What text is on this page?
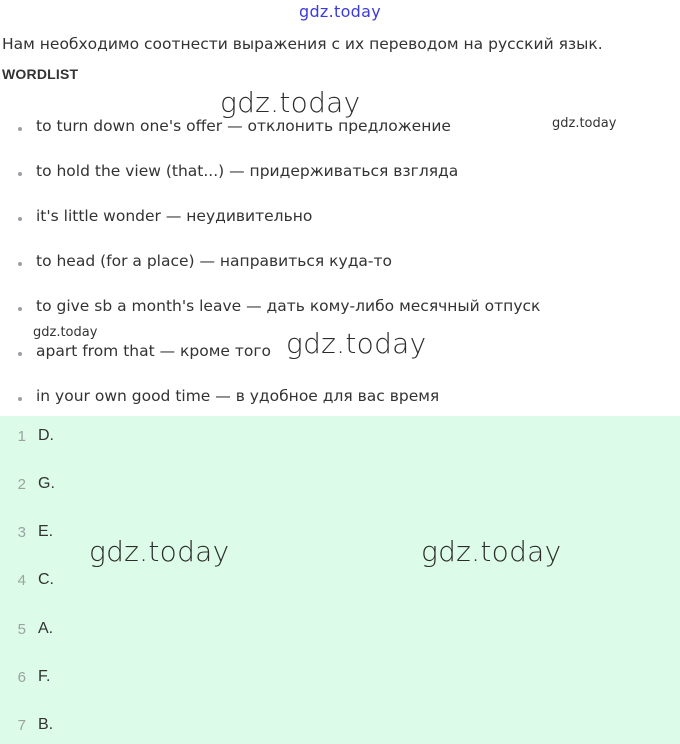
gdz.today
Нам необходимо соотнести выражения с их переводом на русский язык.
WORDLIST
to turn down one's offer — отклонить предложение
to hold the view (that...) — придерживаться взгляда
it's little wonder — неудивительно
to head (for a place) — направиться куда-то
to give sb a month's leave — дать кому-либо месячный отпуск
apart from that — кроме того
in your own good time — в удобное для вас время
1 D.
2 G.
3 E.
4 C.
5 A.
6 F.
7 B.
gdz.today
gdz.today
gdz.today	gdz.today
gdz.today	gdz.today
